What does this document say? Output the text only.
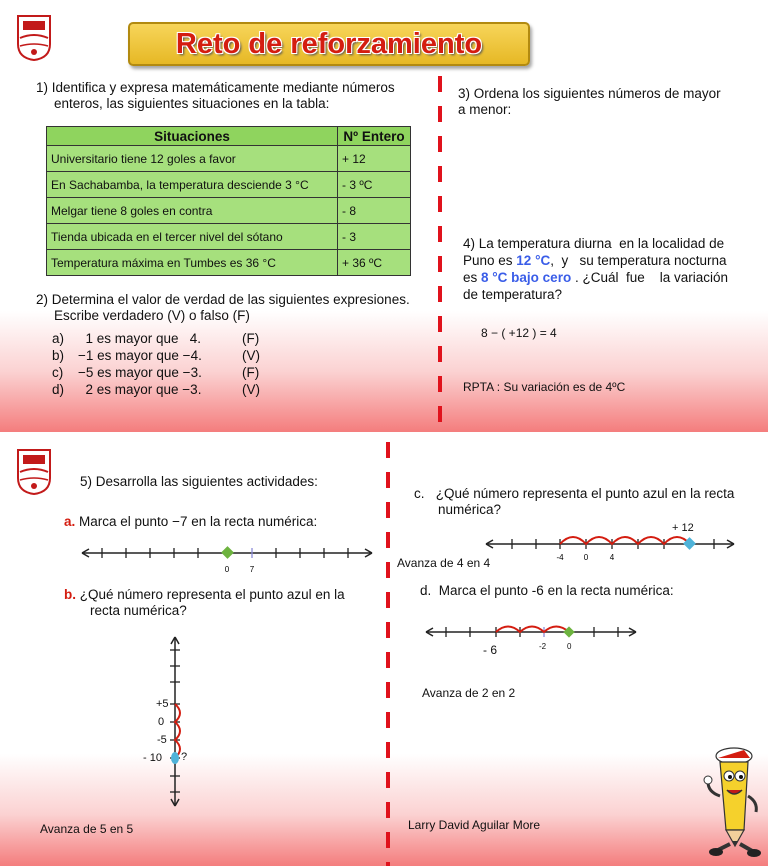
Reto de reforzamiento
1) Identifica y expresa matemáticamente mediante números
enteros, las siguientes situaciones en la tabla:
Situaciones	Nº Entero
Universitario tiene 12 goles a favor	+ 12
En Sachabamba, la temperatura desciende 3 °C	- 3 ºC
Melgar tiene 8 goles en contra	- 8
Tienda ubicada en el tercer nivel del sótano	- 3
Temperatura máxima en Tumbes es 36 °C	+ 36 ºC
2) Determina el valor de verdad de las siguientes expresiones.
Escribe verdadero (V) o falso (F)
a) 1 es mayor que   4.	(F)
b) −1 es mayor que −4.	(V)
c) −5 es mayor que −3.	(F)
d) 2 es mayor que −3.	(V)
3) Ordena los siguientes números de mayor
a menor:
4) La temperatura diurna  en la localidad de
Puno es 12 °C,  y   su temperatura nocturna
es 8 °C bajo cero . ¿Cuál  fue    la variación
de temperatura?
8 − ( +12 ) = 4
RPTA : Su variación es de 4ºC
5) Desarrolla las siguientes actividades:
a. Marca el punto −7 en la recta numérica:
0	7
b. ¿Qué número representa el punto azul en la
recta numérica?
+5
0
-5
- 10 ?
Avanza de 5 en 5
c.   ¿Qué número representa el punto azul en la recta
numérica?
+ 12
-4	0	4
Avanza de 4 en 4
d.  Marca el punto -6 en la recta numérica:
- 6	-2	0
Avanza de 2 en 2
Larry David Aguilar More
